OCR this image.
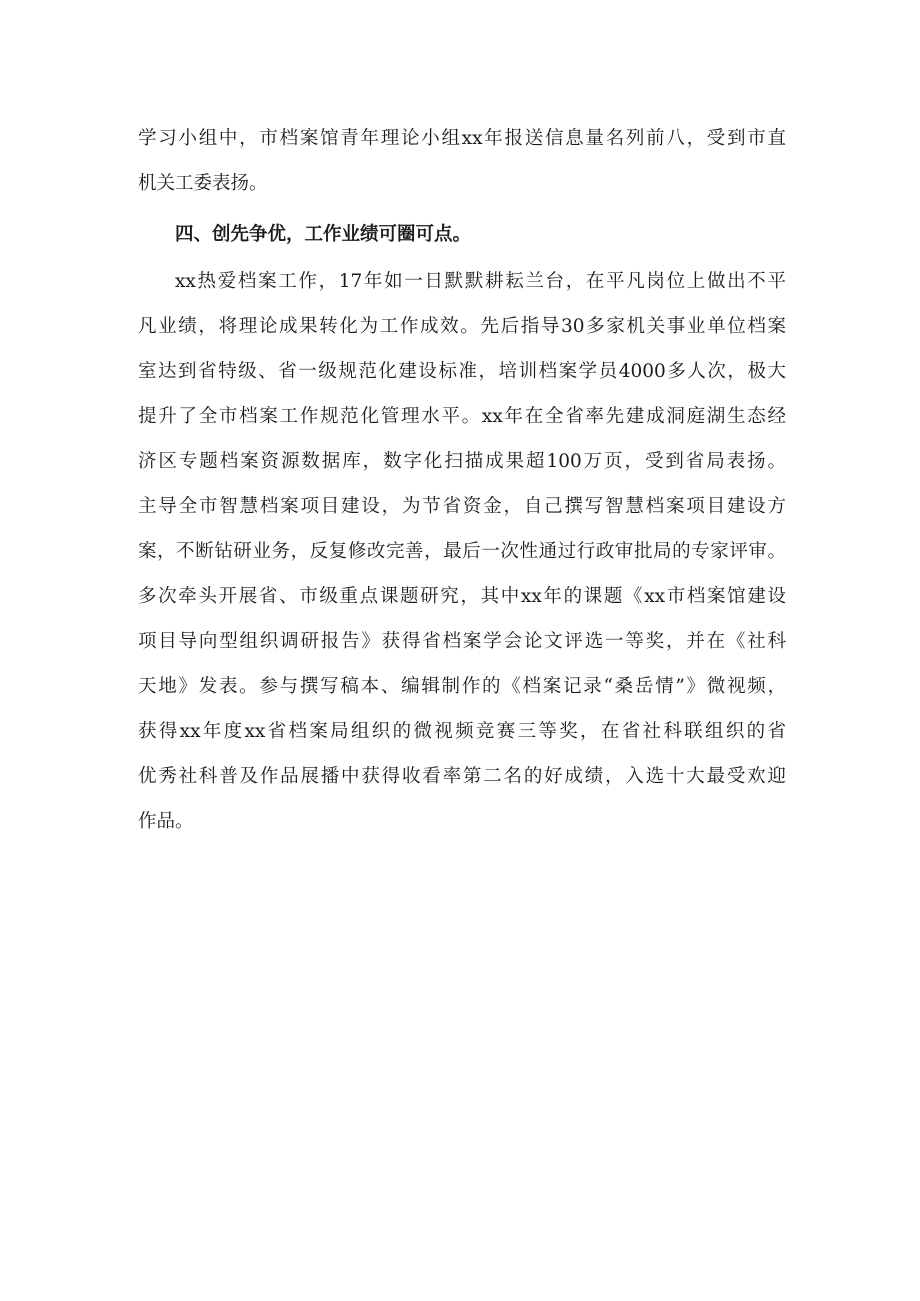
学习小组中，市档案馆青年理论小组xx年报送信息量名列前八，受到市直
机关工委表扬。
四、创先争优，工作业绩可圈可点。
xx热爱档案工作，17年如一日默默耕耘兰台，在平凡岗位上做出不平
凡业绩，将理论成果转化为工作成效。先后指导30多家机关事业单位档案
室达到省特级、省一级规范化建设标准，培训档案学员4000多人次，极大
提升了全市档案工作规范化管理水平。xx年在全省率先建成洞庭湖生态经
济区专题档案资源数据库，数字化扫描成果超100万页，受到省局表扬。
主导全市智慧档案项目建设，为节省资金，自己撰写智慧档案项目建设方
案，不断钻研业务，反复修改完善，最后一次性通过行政审批局的专家评审。
多次牵头开展省、市级重点课题研究，其中xx年的课题《xx市档案馆建设
项目导向型组织调研报告》获得省档案学会论文评选一等奖，并在《社科
天地》发表。参与撰写稿本、编辑制作的《档案记录“桑岳情”》微视频，
获得xx年度xx省档案局组织的微视频竞赛三等奖，在省社科联组织的省
优秀社科普及作品展播中获得收看率第二名的好成绩，入选十大最受欢迎
作品。
